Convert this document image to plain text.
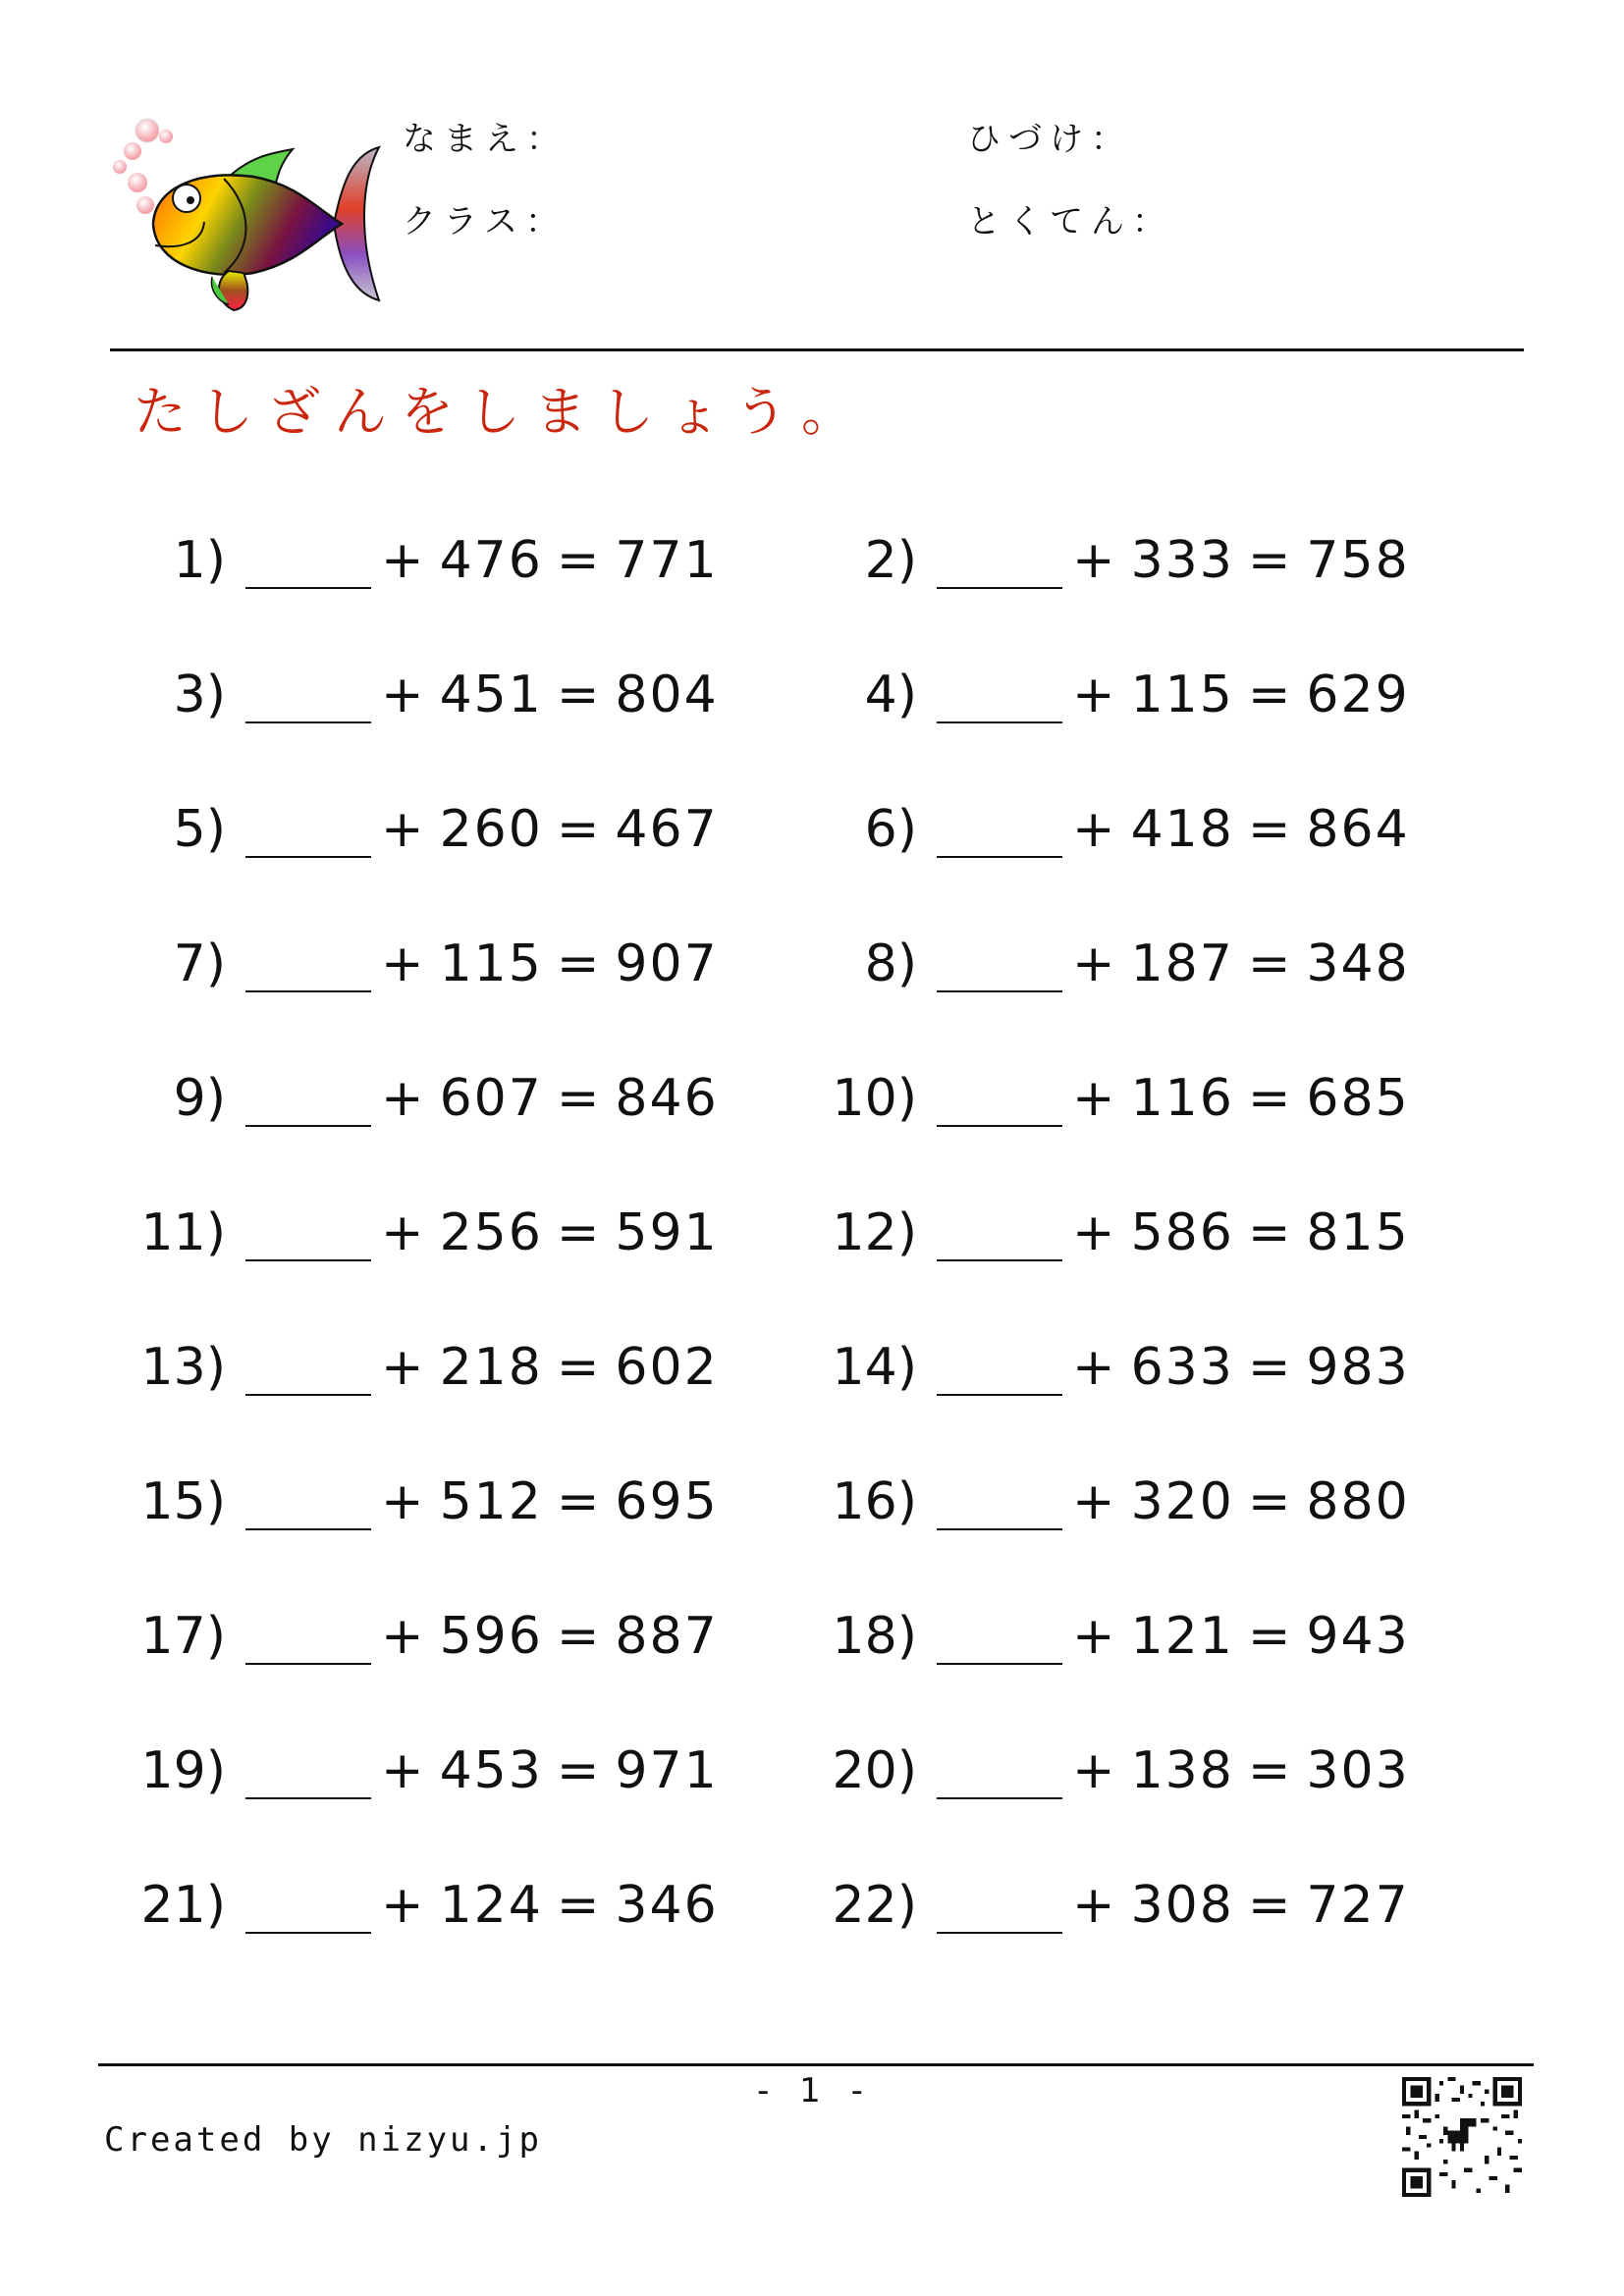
なまえ：
クラス：
ひづけ：
とくてん：
たしざんをしましょう。
1)	+ 476 = 771	2)	+ 333 = 758
3)	+ 451 = 804	4)	+ 115 = 629
5)	+ 260 = 467	6)	+ 418 = 864
7)	+ 115 = 907	8)	+ 187 = 348
9)	+ 607 = 846 10)	+ 116 = 685
11)	+ 256 = 591 12)	+ 586 = 815
13)	+ 218 = 602 14)	+ 633 = 983
15)	+ 512 = 695 16)	+ 320 = 880
17)	+ 596 = 887 18)	+ 121 = 943
19)	+ 453 = 971 20)	+ 138 = 303
21)	+ 124 = 346 22)	+ 308 = 727
- 1 -
Created by nizyu.jp
